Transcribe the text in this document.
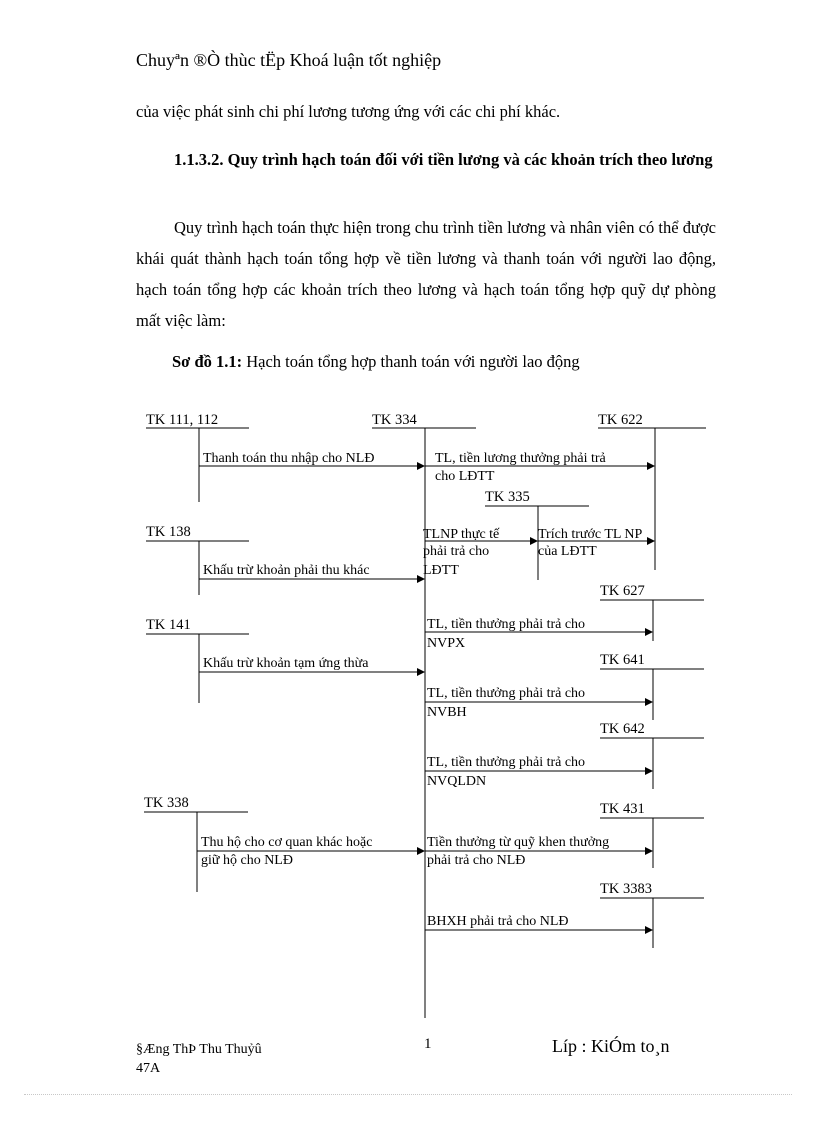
Chuyªn ®Ò thùc tËp Khoá luận tốt nghiệp
của việc phát sinh chi phí lương tương ứng với các chi phí khác.
1.1.3.2. Quy trình hạch toán đối với tiền lương và các khoản trích theo lương
Quy trình hạch toán thực hiện trong chu trình tiền lương và nhân viên có thể được khái quát thành hạch toán tổng hợp về tiền lương và thanh toán với người lao động, hạch toán tổng hợp các khoản trích theo lương và hạch toán tổng hợp quỹ dự phòng mất việc làm:
Sơ đồ 1.1: Hạch toán tổng hợp thanh toán với người lao động
TK 111, 112	TK 334	TK 622
Thanh toán thu nhập cho NLĐ	TL, tiền lương thưởng phải trả
cho LĐTT
TK 335
TLNP thực tế
phải trả cho
LĐTT
Trích trước TL NP
của LĐTT
TK 138
Khấu trừ khoản phải thu khác
TK 627
TL, tiền thưởng phải trả cho
NVPX
TK 141
Khấu trừ khoản tạm ứng thừa	TK 641
TL, tiền thưởng phải trả cho
NVBH
TK 642
TL, tiền thưởng phải trả cho
NVQLDN
TK 338
Thu hộ cho cơ quan khác hoặc
giữ hộ cho NLĐ
TK 431
Tiền thưởng từ quỹ khen thưởng
phải trả cho NLĐ
TK 3383
BHXH phải trả cho NLĐ
§Æng ThÞ Thu Thuỷû
47A
1	Líp : KiÓm to¸n
